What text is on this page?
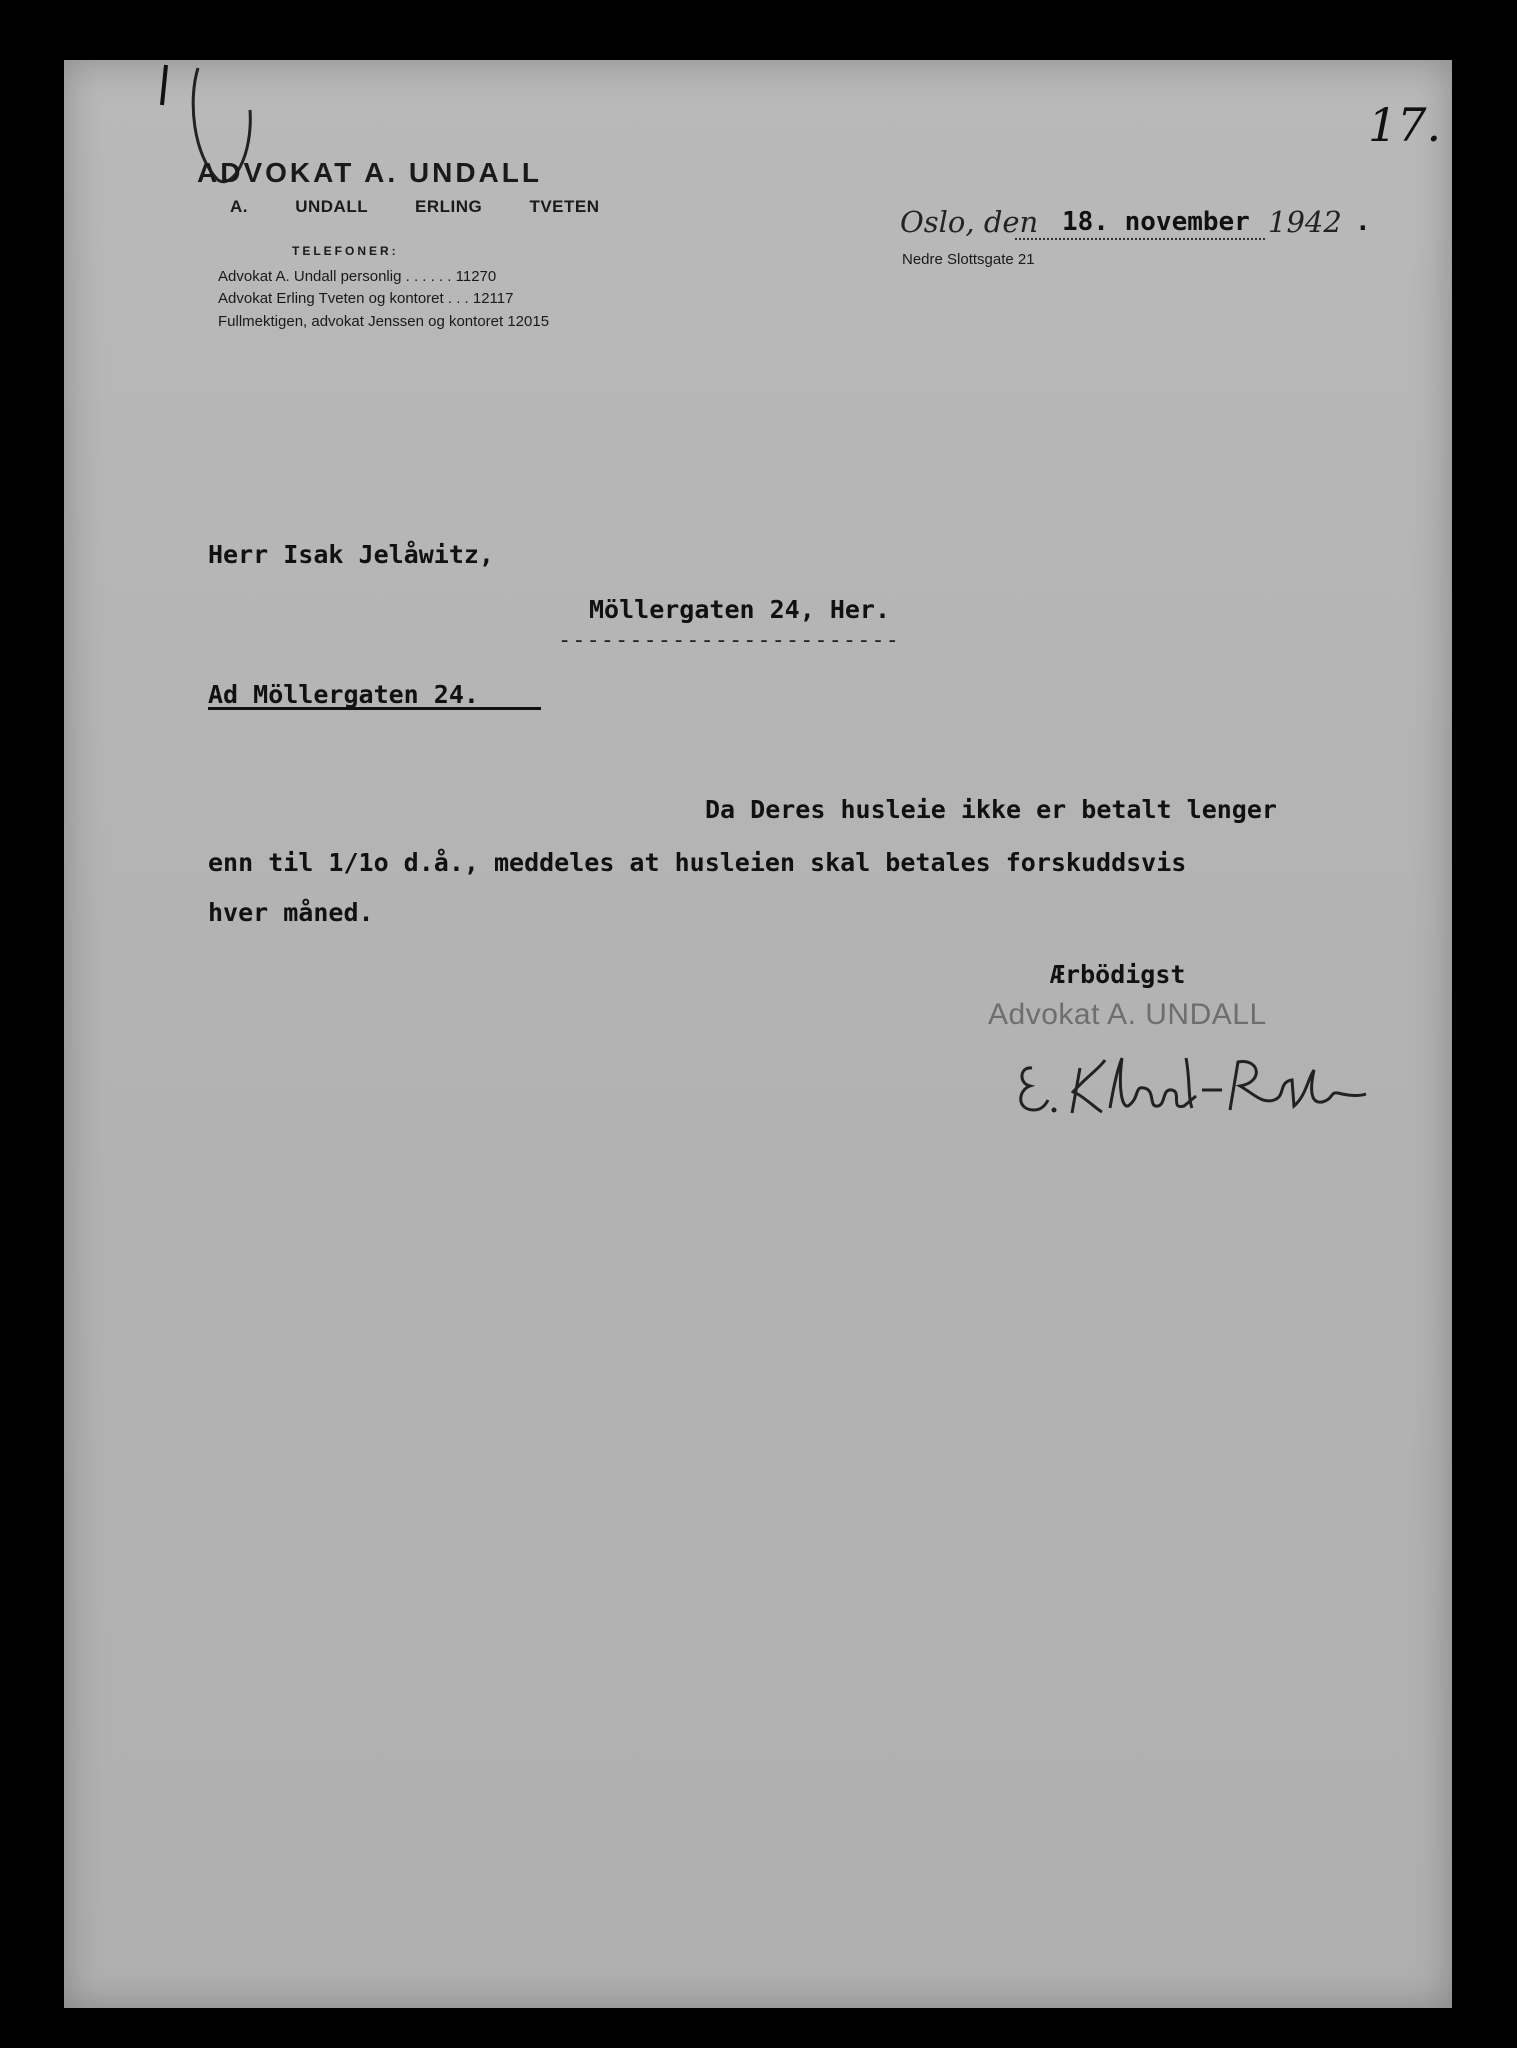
ADVOKAT A. UNDALL
A. UNDALL ERLING TVETEN
TELEFONER:
Advokat A. Undall personlig . . . . . . 11270
Advokat Erling Tveten og kontoret . . . 12117
Fullmektigen, advokat Jenssen og kontoret 12015
Oslo, den 18. november 1942 .
Nedre Slottsgate 21
17.
Herr Isak Jelåwitz,
Möllergaten 24, Her.
------------------------
Ad Möllergaten 24.
Da Deres husleie ikke er betalt lenger
enn til 1/1o d.å., meddeles at husleien skal betales forskuddsvis
hver måned.
Ærbödigst
Advokat A. UNDALL
